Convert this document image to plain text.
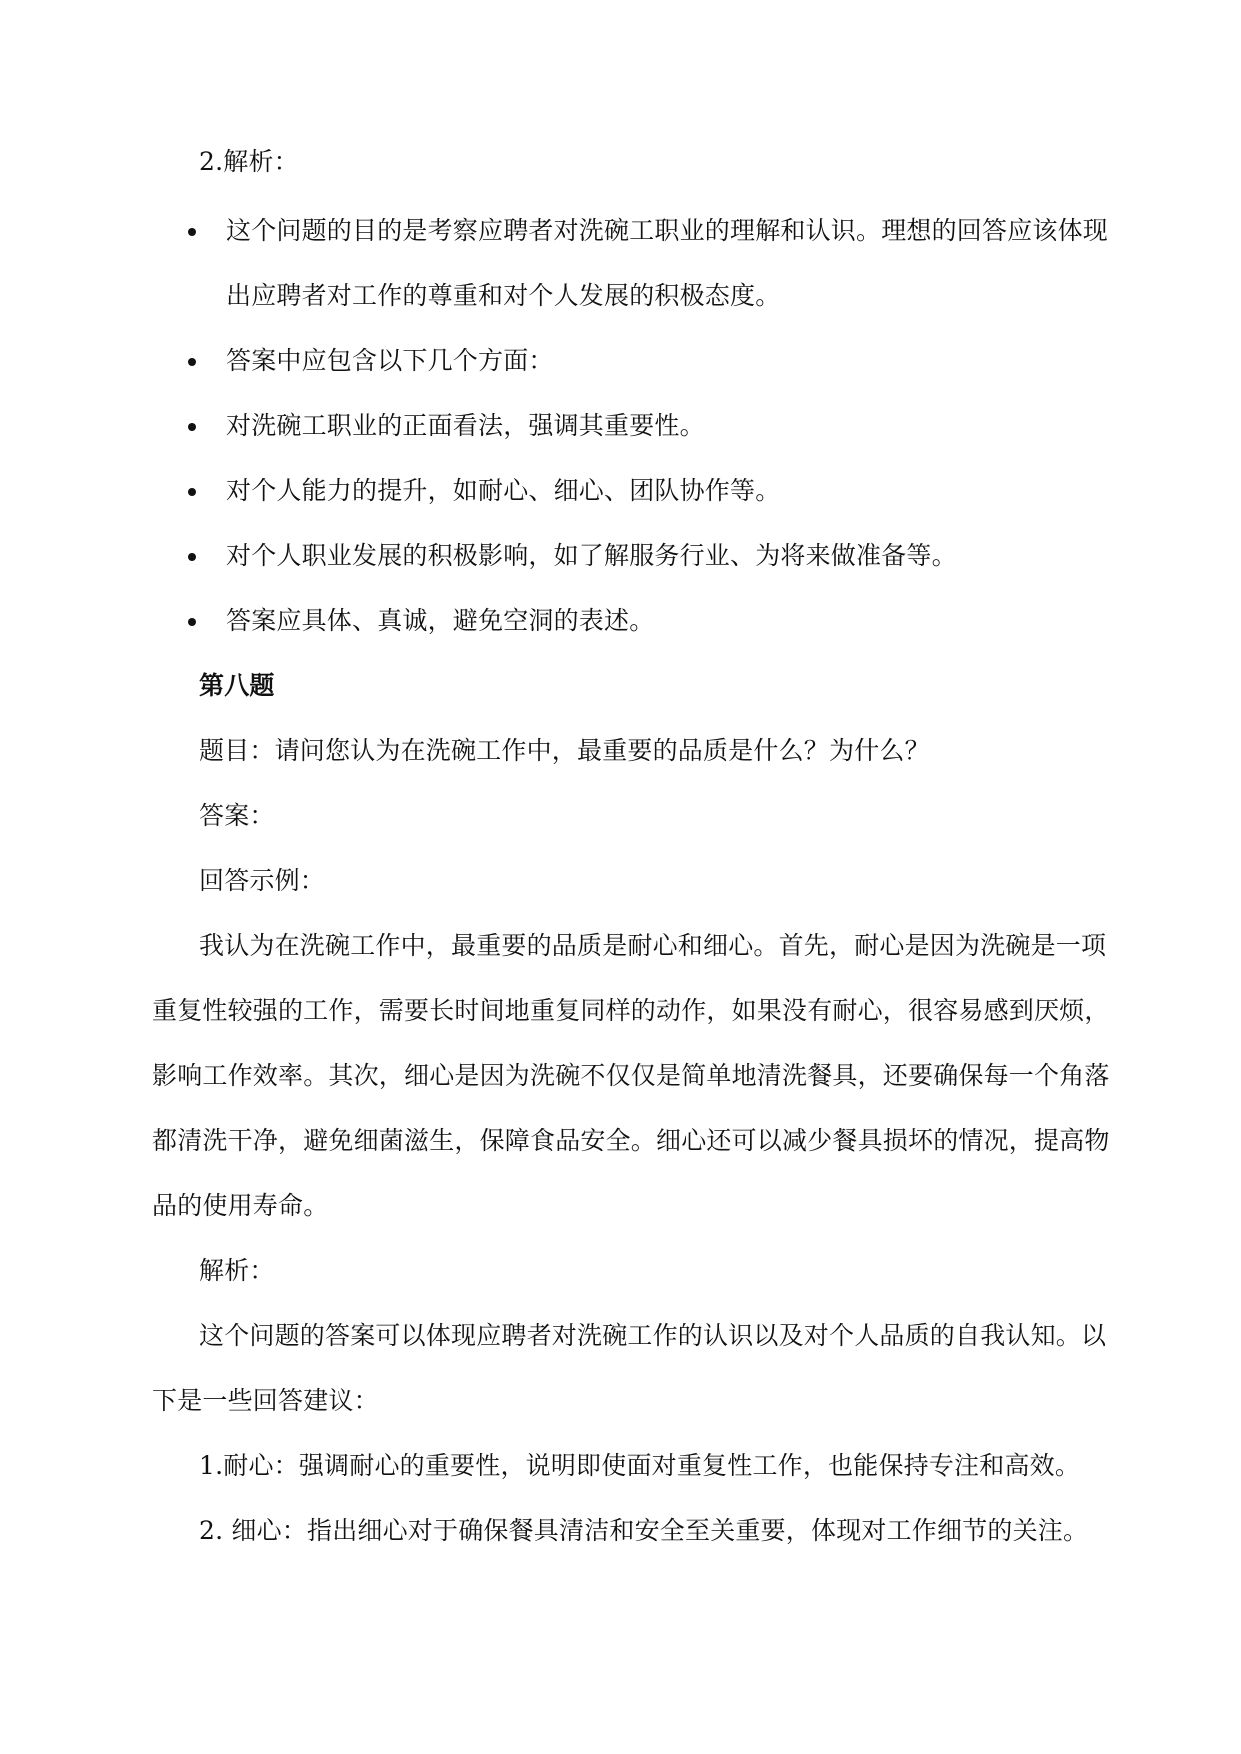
2.解析：
这个问题的目的是考察应聘者对洗碗工职业的理解和认识。理想的回答应该体现
出应聘者对工作的尊重和对个人发展的积极态度。
答案中应包含以下几个方面：
对洗碗工职业的正面看法，强调其重要性。
对个人能力的提升，如耐心、细心、团队协作等。
对个人职业发展的积极影响，如了解服务行业、为将来做准备等。
答案应具体、真诚，避免空洞的表述。
第八题
题目：请问您认为在洗碗工作中，最重要的品质是什么？为什么？
答案：
回答示例：
我认为在洗碗工作中，最重要的品质是耐心和细心。首先，耐心是因为洗碗是一项
重复性较强的工作，需要长时间地重复同样的动作，如果没有耐心，很容易感到厌烦，
影响工作效率。其次，细心是因为洗碗不仅仅是简单地清洗餐具，还要确保每一个角落
都清洗干净，避免细菌滋生，保障食品安全。细心还可以减少餐具损坏的情况，提高物
品的使用寿命。
解析：
这个问题的答案可以体现应聘者对洗碗工作的认识以及对个人品质的自我认知。以
下是一些回答建议：
1.耐心：强调耐心的重要性，说明即使面对重复性工作，也能保持专注和高效。
2. 细心：指出细心对于确保餐具清洁和安全至关重要，体现对工作细节的关注。
